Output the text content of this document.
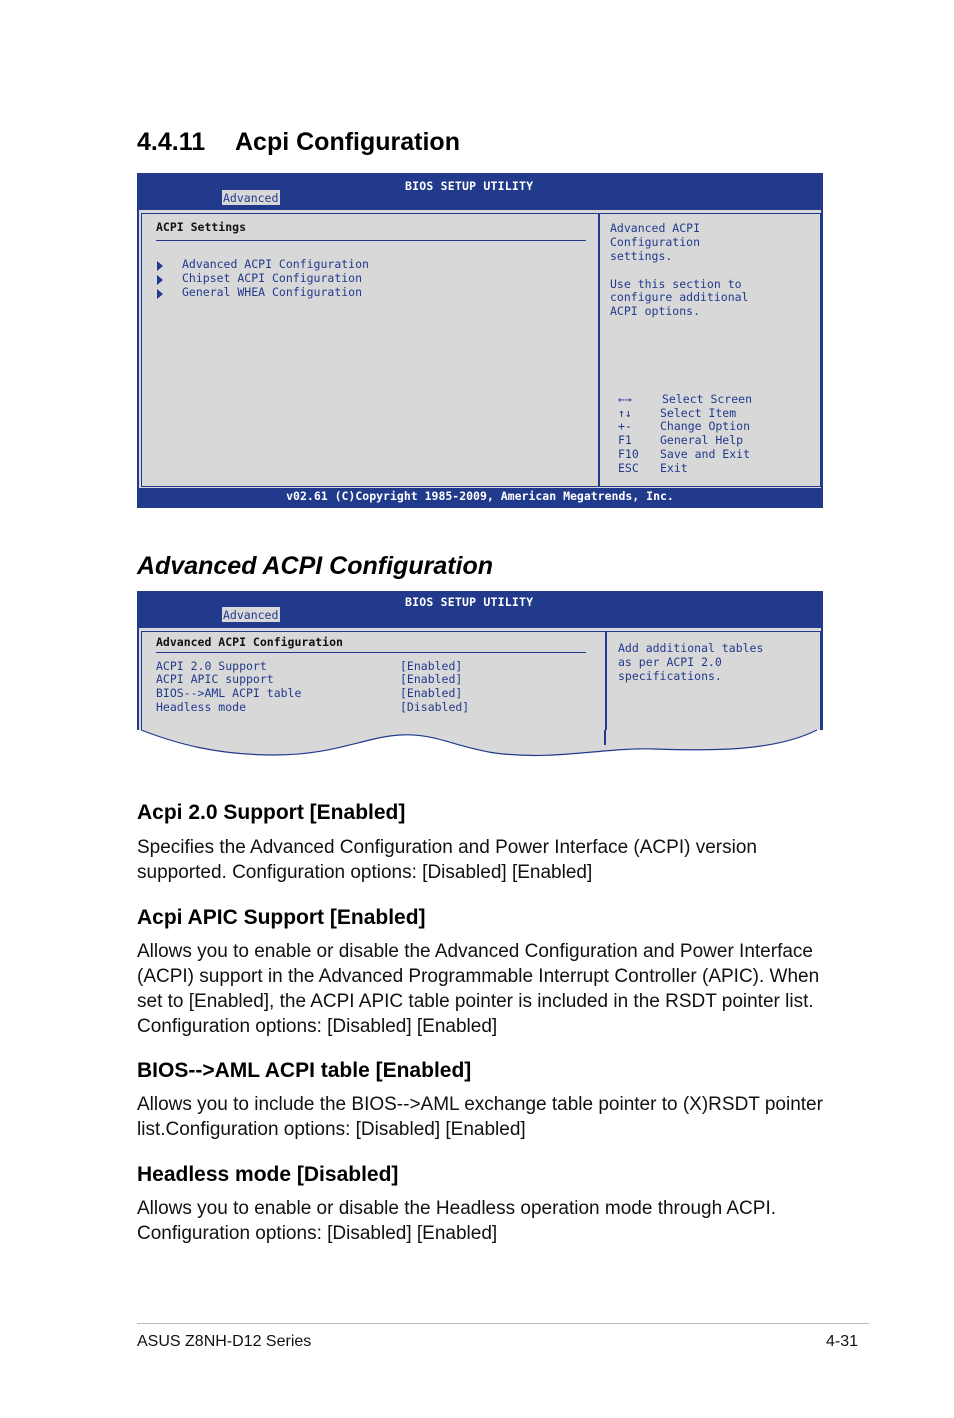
4.4.11 Acpi Configuration
BIOS SETUP UTILITY
Advanced
ACPI Settings
Advanced ACPI Configuration
Chipset ACPI Configuration
General WHEA Configuration
Advanced ACPI
Configuration
settings.
Use this section to
configure additional
ACPI options.
←→	Select Screen
↑↓ Select Item
+- Change Option
F1 General Help
F10 Save and Exit
ESC Exit
v02.61 (C)Copyright 1985-2009, American Megatrends, Inc.
Advanced ACPI Configuration
BIOS SETUP UTILITY
Advanced
Advanced ACPI Configuration
ACPI 2.0 Support	[Enabled]
ACPI APIC support	[Enabled]
BIOS-->AML ACPI table	[Enabled]
Headless mode	[Disabled]
Add additional tables
as per ACPI 2.0
specifications.
Acpi 2.0 Support [Enabled]
Specifies the Advanced Configuration and Power Interface (ACPI) version supported. Configuration options: [Disabled] [Enabled]
Acpi APIC Support [Enabled]
Allows you to enable or disable the Advanced Configuration and Power Interface (ACPI) support in the Advanced Programmable Interrupt Controller (APIC). When set to [Enabled], the ACPI APIC table pointer is included in the RSDT pointer list. Configuration options: [Disabled] [Enabled]
BIOS-->AML ACPI table [Enabled]
Allows you to include the BIOS-->AML exchange table pointer to (X)RSDT pointer list.Configuration options: [Disabled] [Enabled]
Headless mode [Disabled]
Allows you to enable or disable the Headless operation mode through ACPI. Configuration options: [Disabled] [Enabled]
ASUS Z8NH-D12 Series	4-31
